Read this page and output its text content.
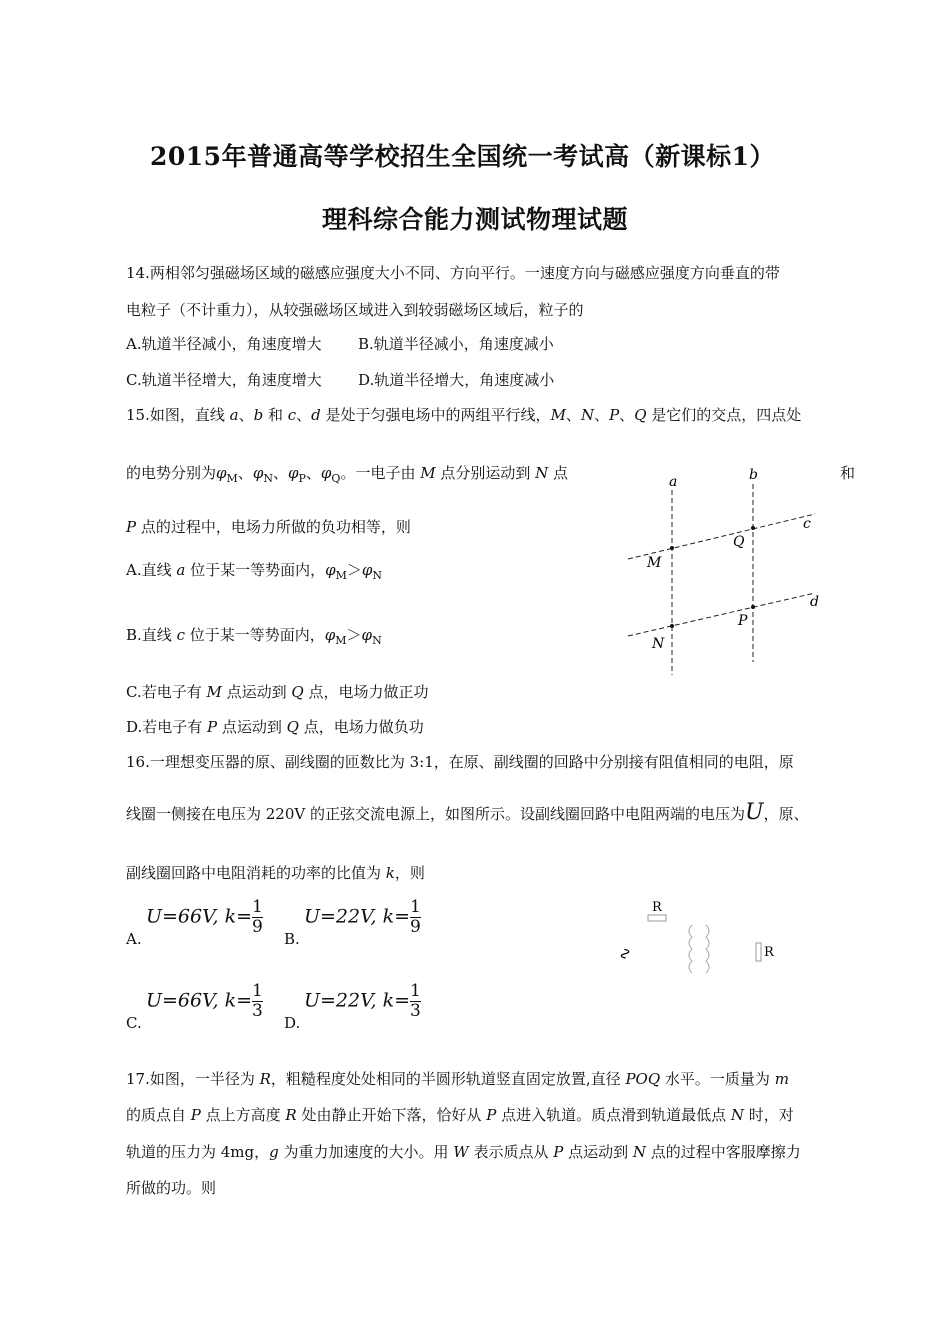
2015年普通高等学校招生全国统一考试高（新课标1）
理科综合能力测试物理试题
14.两相邻匀强磁场区域的磁感应强度大小不同、方向平行。一速度方向与磁感应强度方向垂直的带
电粒子（不计重力），从较强磁场区域进入到较弱磁场区域后，粒子的
A.轨道半径减小，角速度增大 B.轨道半径减小，角速度减小
C.轨道半径增大，角速度增大 D.轨道半径增大，角速度减小
15.如图，直线 a、b 和 c、d 是处于匀强电场中的两组平行线，M、N、P、Q 是它们的交点，四点处
的电势分别为$\varphi_M$、$\varphi_N$、$\varphi_P$、$\varphi_Q$。一电子由 M 点分别运动到 N 点	和
P 点的过程中，电场力所做的负功相等，则
A.直线 a 位于某一等势面内，$\varphi_M>\varphi_N$
B.直线 c 位于某一等势面内，$\varphi_M>\varphi_N$
C.若电子有 M 点运动到 Q 点，电场力做正功
D.若电子有 P 点运动到 Q 点，电场力做负功
a	b
c
d
M
Q
N
P
16.一理想变压器的原、副线圈的匝数比为 3:1，在原、副线圈的回路中分别接有阻值相同的电阻，原
线圈一侧接在电压为 220V 的正弦交流电源上，如图所示。设副线圈回路中电阻两端的电压为U，原、
副线圈回路中电阻消耗的功率的比值为 k，则
A.
U=66V, $k= \frac{1}{9}$
B.
U=22V, $k= \frac{1}{9}$
C.
U=66V, $k= \frac{1}{3}$
D.
U=22V, $k= \frac{1}{3}$
R
∿	R
17.如图，一半径为 R，粗糙程度处处相同的半圆形轨道竖直固定放置,直径 POQ 水平。一质量为 m
的质点自 P 点上方高度 R 处由静止开始下落，恰好从 P 点进入轨道。质点滑到轨道最低点 N 时，对
轨道的压力为 4mg，g 为重力加速度的大小。用 W 表示质点从 P 点运动到 N 点的过程中客服摩擦力
所做的功。则
